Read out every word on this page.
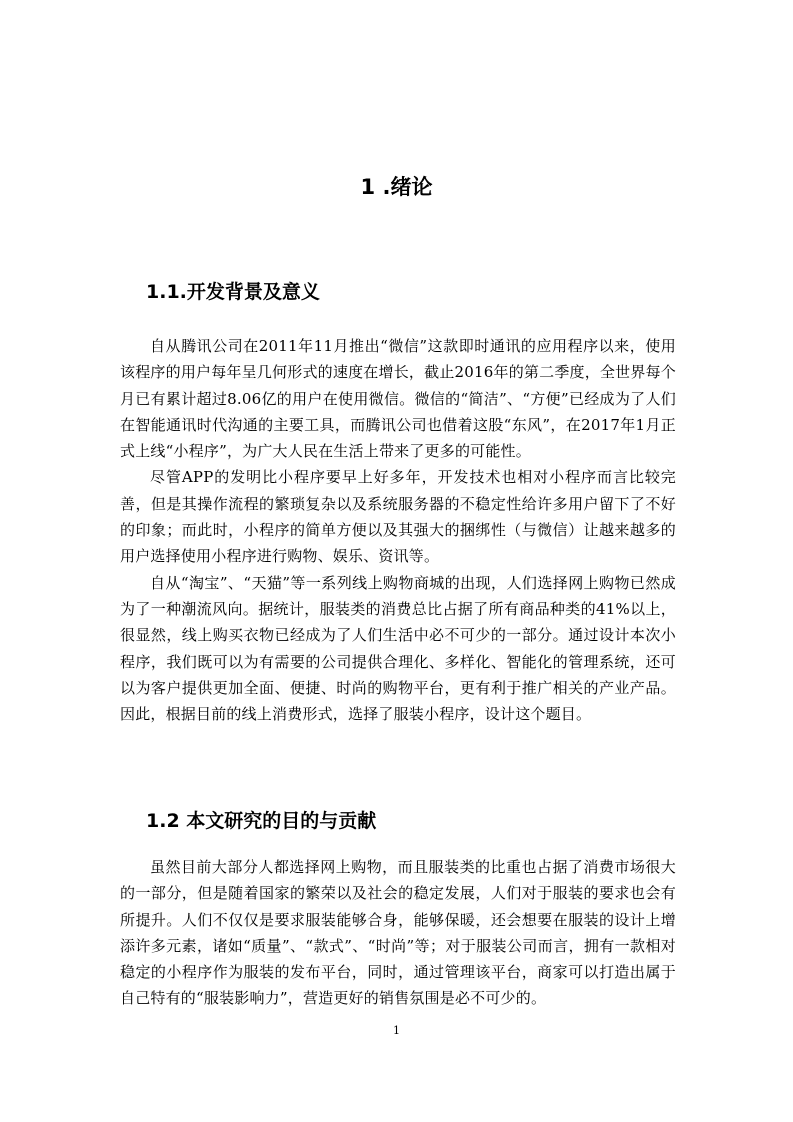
1 .绪论
1.1.开发背景及意义

自从腾讯公司在2011年11月推出“微信”这款即时通讯的应用程序以来，使用该程序的用户每年呈几何形式的速度在增长，截止2016年的第二季度，全世界每个月已有累计超过8.06亿的用户在使用微信。微信的“简洁”、“方便”已经成为了人们在智能通讯时代沟通的主要工具，而腾讯公司也借着这股“东风”，在2017年1月正式上线“小程序”，为广大人民在生活上带来了更多的可能性。

尽管APP的发明比小程序要早上好多年，开发技术也相对小程序而言比较完善，但是其操作流程的繁琐复杂以及系统服务器的不稳定性给许多用户留下了不好的印象；而此时，小程序的简单方便以及其强大的捆绑性（与微信）让越来越多的用户选择使用小程序进行购物、娱乐、资讯等。

自从“淘宝”、“天猫”等一系列线上购物商城的出现，人们选择网上购物已然成为了一种潮流风向。据统计，服装类的消费总比占据了所有商品种类的41%以上，很显然，线上购买衣物已经成为了人们生活中必不可少的一部分。通过设计本次小程序，我们既可以为有需要的公司提供合理化、多样化、智能化的管理系统，还可以为客户提供更加全面、便捷、时尚的购物平台，更有利于推广相关的产业产品。因此，根据目前的线上消费形式，选择了服装小程序，设计这个题目。

1.2 本文研究的目的与贡献

虽然目前大部分人都选择网上购物，而且服装类的比重也占据了消费市场很大的一部分，但是随着国家的繁荣以及社会的稳定发展，人们对于服装的要求也会有所提升。人们不仅仅是要求服装能够合身，能够保暖，还会想要在服装的设计上增添许多元素，诸如“质量”、“款式”、“时尚”等；对于服装公司而言，拥有一款相对稳定的小程序作为服装的发布平台，同时，通过管理该平台，商家可以打造出属于自己特有的“服装影响力”，营造更好的销售氛围是必不可少的。

1
